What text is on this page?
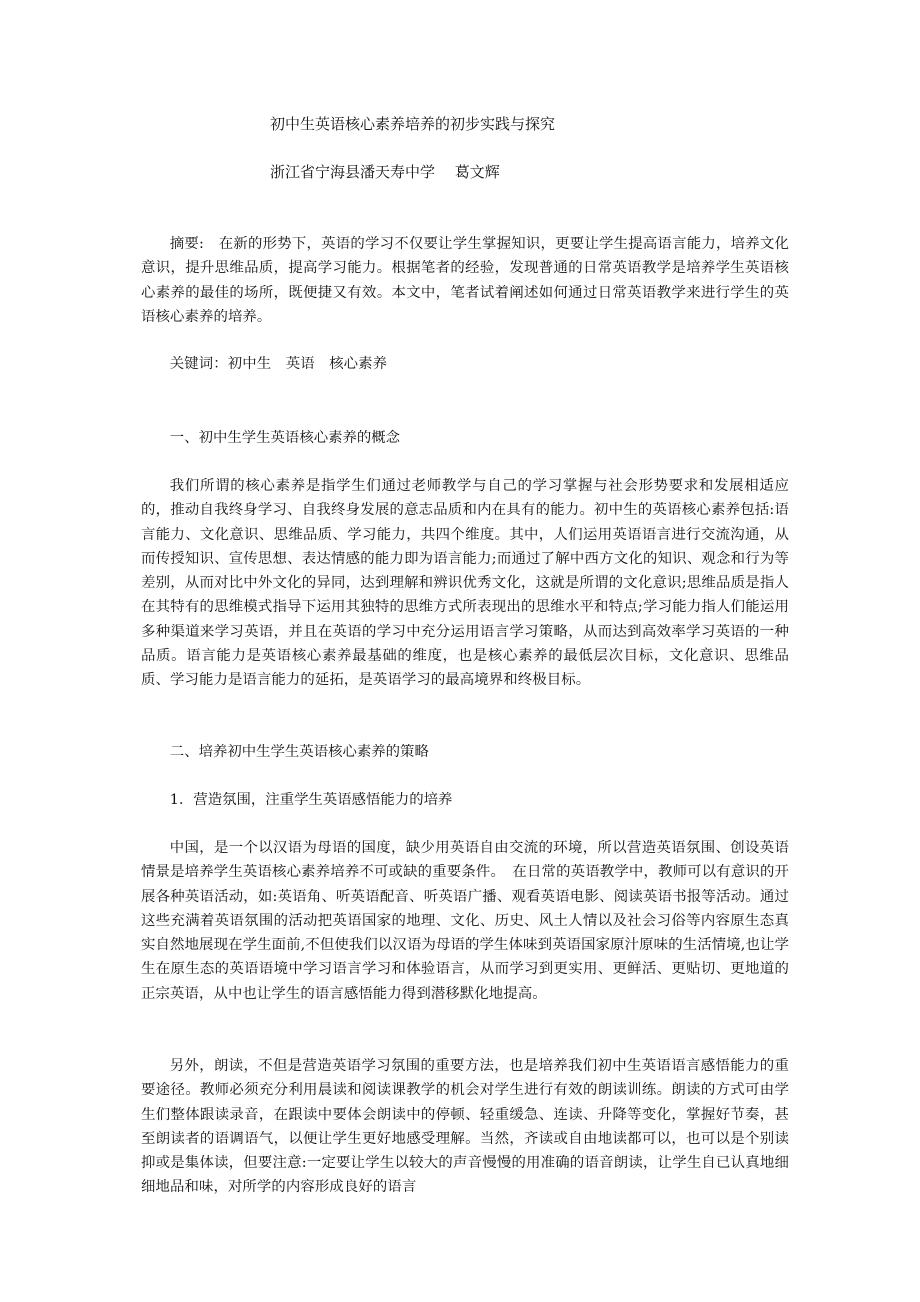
初中生英语核心素养培养的初步实践与探究

浙江省宁海县潘天寿中学　 葛文辉

摘要:　在新的形势下，英语的学习不仅要让学生掌握知识，更要让学生提高语言能力，培养文化意识，提升思维品质，提高学习能力。根据笔者的经验，发现普通的日常英语教学是培养学生英语核心素养的最佳的场所，既便捷又有效。本文中，笔者试着阐述如何通过日常英语教学来进行学生的英语核心素养的培养。

关键词：初中生　英语　核心素养

一、初中生学生英语核心素养的概念

我们所谓的核心素养是指学生们通过老师教学与自己的学习掌握与社会形势要求和发展相适应的，推动自我终身学习、自我终身发展的意志品质和内在具有的能力。初中生的英语核心素养包括:语言能力、文化意识、思维品质、学习能力，共四个维度。其中，人们运用英语语言进行交流沟通，从而传授知识、宣传思想、表达情感的能力即为语言能力;而通过了解中西方文化的知识、观念和行为等差别，从而对比中外文化的异同，达到理解和辨识优秀文化，这就是所谓的文化意识;思维品质是指人在其特有的思维模式指导下运用其独特的思维方式所表现出的思维水平和特点;学习能力指人们能运用多种渠道来学习英语，并且在英语的学习中充分运用语言学习策略，从而达到高效率学习英语的一种品质。语言能力是英语核心素养最基础的维度，也是核心素养的最低层次目标，文化意识、思维品质、学习能力是语言能力的延拓，是英语学习的最高境界和终极目标。

二、培养初中生学生英语核心素养的策略
1．营造氛围，注重学生英语感悟能力的培养

中国，是一个以汉语为母语的国度，缺少用英语自由交流的环境，所以营造英语氛围、创设英语情景是培养学生英语核心素养培养不可或缺的重要条件。　在日常的英语教学中，教师可以有意识的开展各种英语活动，如:英语角、听英语配音、听英语广播、观看英语电影、阅读英语书报等活动。通过这些充满着英语氛围的活动把英语国家的地理、文化、历史、风土人情以及社会习俗等内容原生态真实自然地展现在学生面前,不但使我们以汉语为母语的学生体味到英语国家原汁原味的生活情境,也让学生在原生态的英语语境中学习语言学习和体验语言，从而学习到更实用、更鲜活、更贴切、更地道的正宗英语，从中也让学生的语言感悟能力得到潜移默化地提高。

另外，朗读，不但是营造英语学习氛围的重要方法，也是培养我们初中生英语语言感悟能力的重要途径。教师必须充分利用晨读和阅读课教学的机会对学生进行有效的朗读训练。朗读的方式可由学生们整体跟读录音，在跟读中要体会朗读中的停顿、轻重缓急、连读、升降等变化，掌握好节奏，甚至朗读者的语调语气，以便让学生更好地感受理解。当然，齐读或自由地读都可以，也可以是个别读抑或是集体读，但要注意:一定要让学生以较大的声音慢慢的用准确的语音朗读，让学生自已认真地细细地品和味，对所学的内容形成良好的语言
